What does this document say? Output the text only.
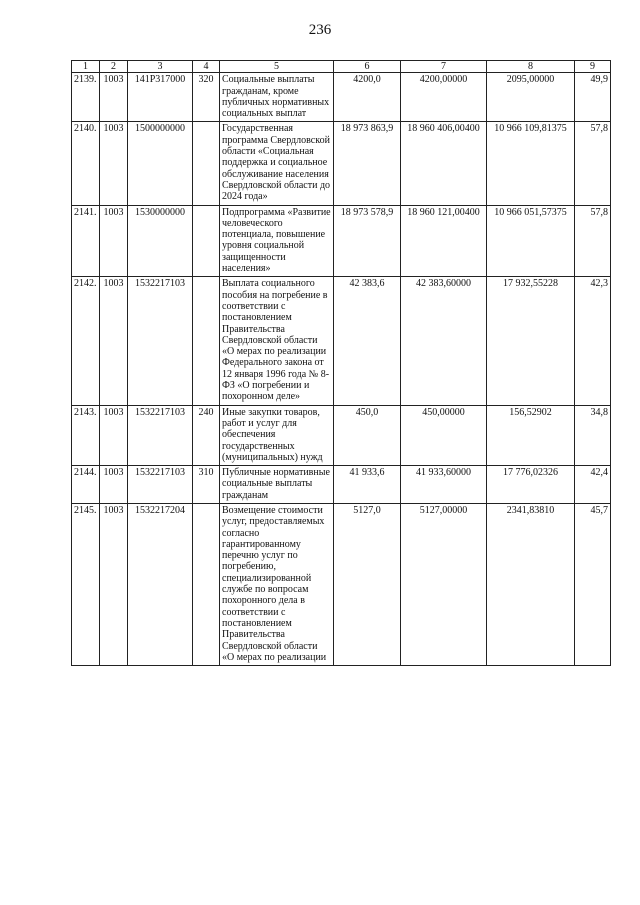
236
1	2	3	4	5	6	7	8	9
2139.	1003	141P317000	320	Социальные выплаты гражданам, кроме публичных нормативных социальных выплат	4200,0	4200,00000	2095,00000	49,9
2140.	1003	1500000000		Государственная программа Свердловской области «Социальная поддержка и социальное обслуживание населения Свердловской области до 2024 года»	18 973 863,9	18 960 406,00400	10 966 109,81375	57,8
2141.	1003	1530000000		Подпрограмма «Развитие человеческого потенциала, повышение уровня социальной защищенности населения»	18 973 578,9	18 960 121,00400	10 966 051,57375	57,8
2142.	1003	1532217103		Выплата социального пособия на погребение в соответствии с постановлением Правительства Свердловской области «О мерах по реализации Федерального закона от 12 января 1996 года № 8-ФЗ «О погребении и похоронном деле»	42 383,6	42 383,60000	17 932,55228	42,3
2143.	1003	1532217103	240	Иные закупки товаров, работ и услуг для обеспечения государственных (муниципальных) нужд	450,0	450,00000	156,52902	34,8
2144.	1003	1532217103	310	Публичные нормативные социальные выплаты гражданам	41 933,6	41 933,60000	17 776,02326	42,4
2145.	1003	1532217204		Возмещение стоимости услуг, предоставляемых согласно гарантированному перечню услуг по погребению, специализированной службе по вопросам похоронного дела в соответствии с постановлением Правительства Свердловской области «О мерах по реализации	5127,0	5127,00000	2341,83810	45,7
